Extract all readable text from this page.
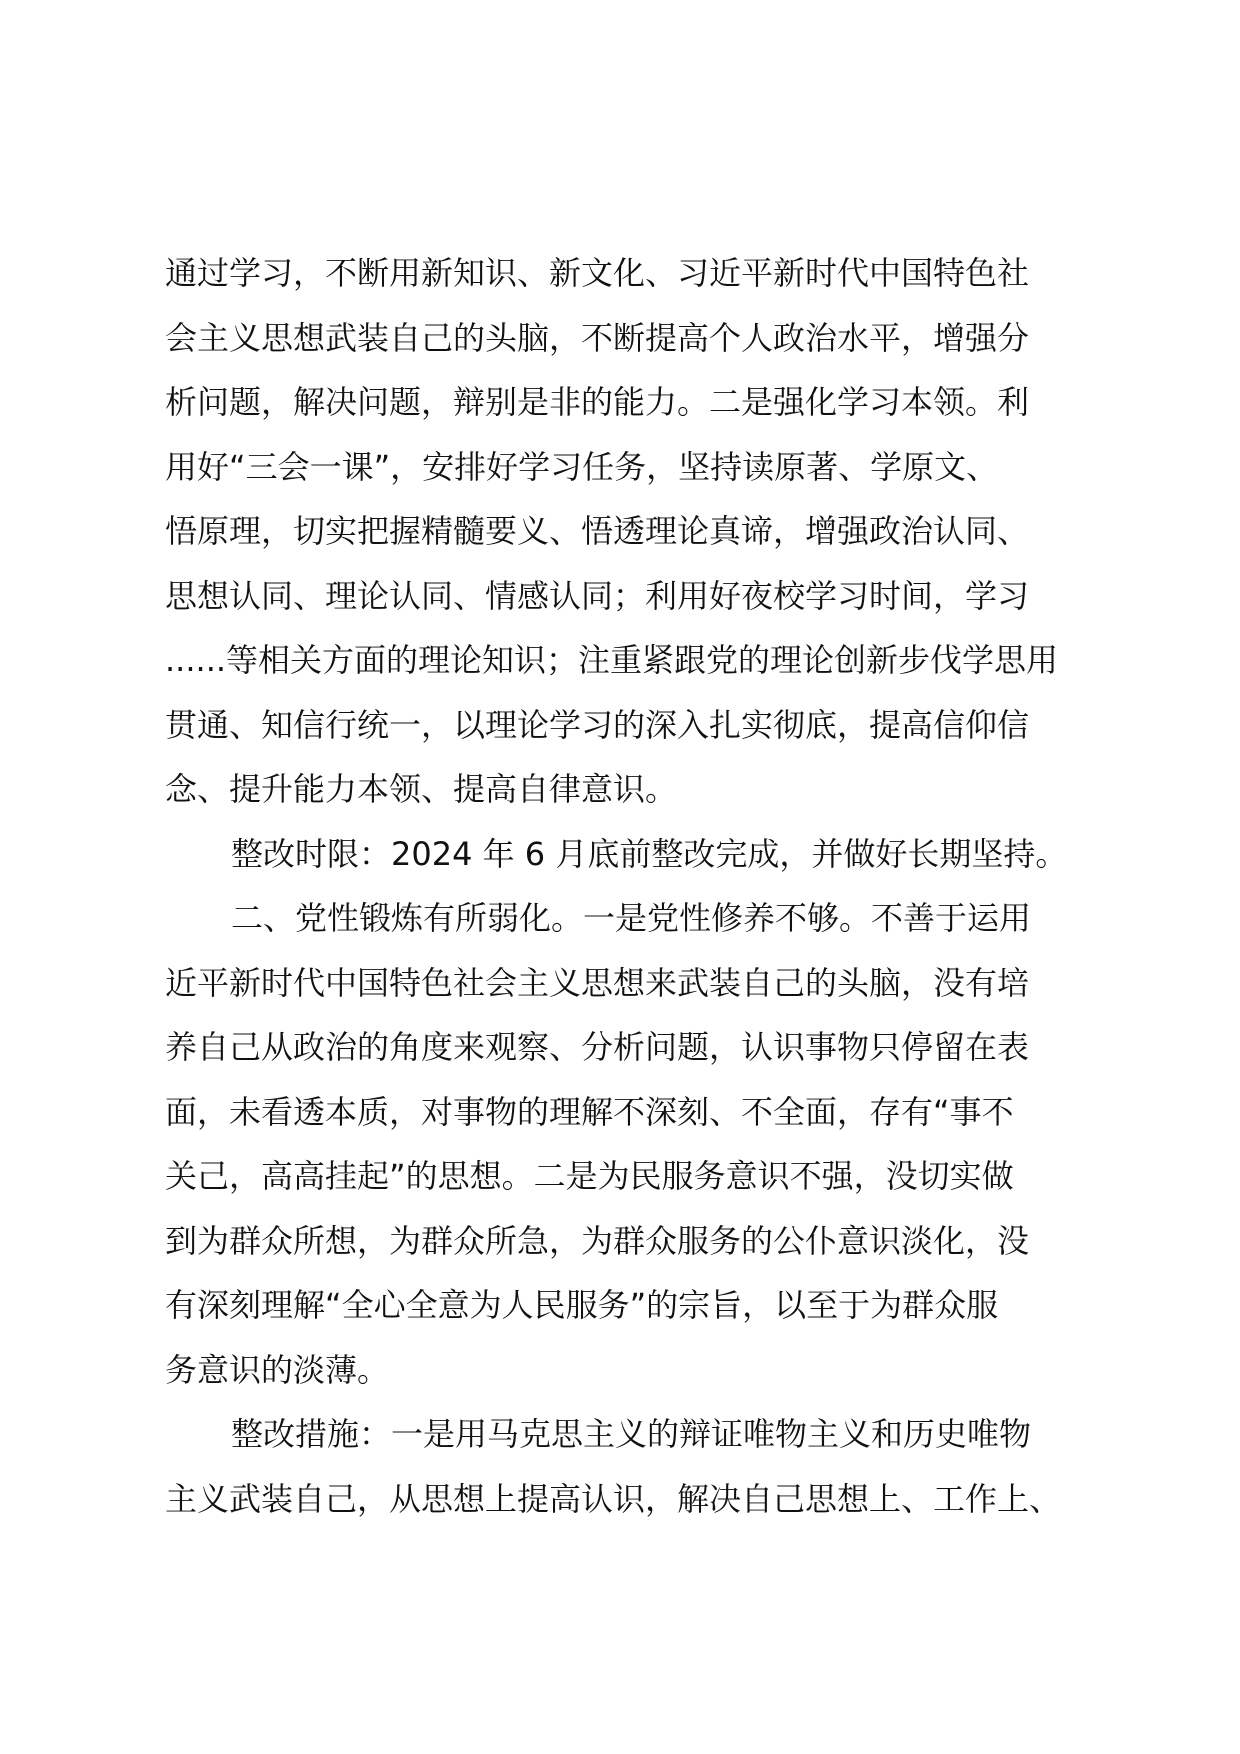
通过学习，不断用新知识、新文化、习近平新时代中国特色社
会主义思想武装自己的头脑，不断提高个人政治水平，增强分
析问题，解决问题，辩别是非的能力。二是强化学习本领。利
用好“三会一课”，安排好学习任务，坚持读原著、学原文、
悟原理，切实把握精髓要义、悟透理论真谛，增强政治认同、
思想认同、理论认同、情感认同；利用好夜校学习时间，学习
......等相关方面的理论知识；注重紧跟党的理论创新步伐学思用
贯通、知信行统一，以理论学习的深入扎实彻底，提高信仰信
念、提升能力本领、提高自律意识。
整改时限：2024 年 6 月底前整改完成，并做好长期坚持。
二、党性锻炼有所弱化。一是党性修养不够。不善于运用
近平新时代中国特色社会主义思想来武装自己的头脑，没有培
养自己从政治的角度来观察、分析问题，认识事物只停留在表
面，未看透本质，对事物的理解不深刻、不全面，存有“事不
关己，高高挂起”的思想。二是为民服务意识不强，没切实做
到为群众所想，为群众所急，为群众服务的公仆意识淡化，没
有深刻理解“全心全意为人民服务”的宗旨，以至于为群众服
务意识的淡薄。
整改措施：一是用马克思主义的辩证唯物主义和历史唯物
主义武装自己，从思想上提高认识，解决自己思想上、工作上、
